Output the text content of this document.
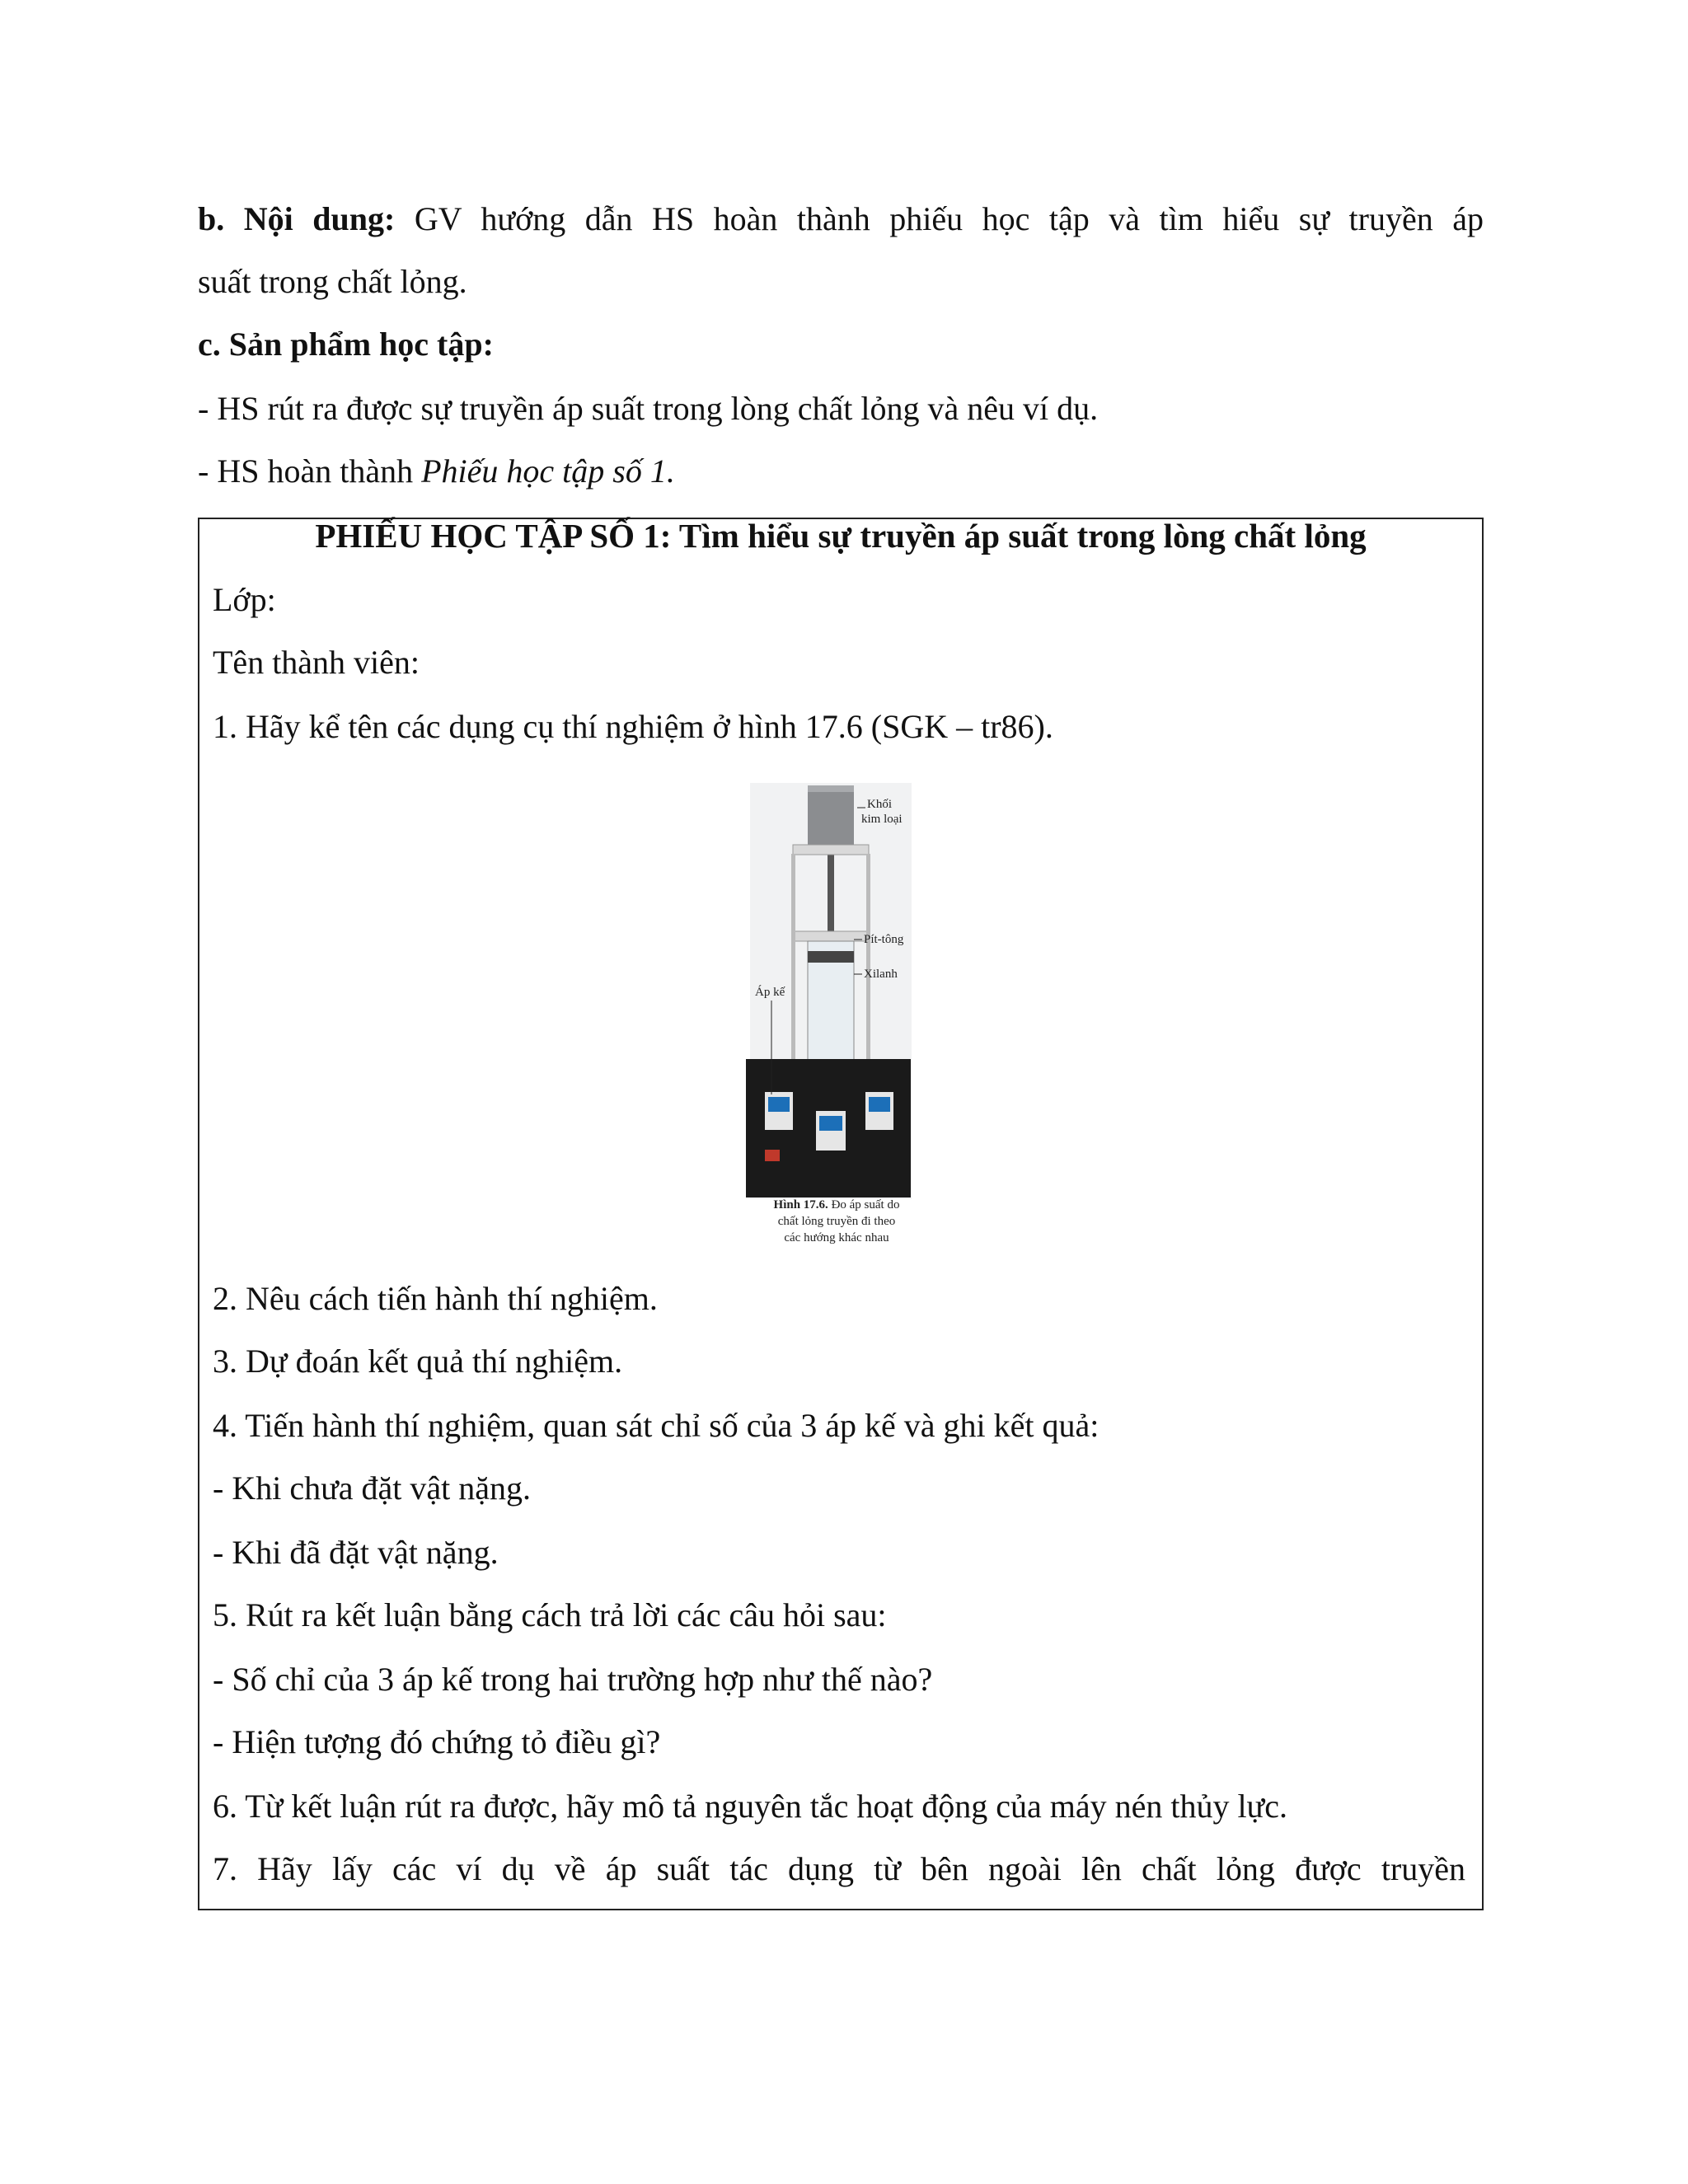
b. Nội dung: GV hướng dẫn HS hoàn thành phiếu học tập và tìm hiểu sự truyền áp
suất trong chất lỏng.
c. Sản phẩm học tập:
- HS rút ra được sự truyền áp suất trong lòng chất lỏng và nêu ví dụ.
- HS hoàn thành Phiếu học tập số 1.
PHIẾU HỌC TẬP SỐ 1: Tìm hiểu sự truyền áp suất trong lòng chất lỏng
Lớp:
Tên thành viên:
1. Hãy kể tên các dụng cụ thí nghiệm ở hình 17.6 (SGK – tr86).
Khối
kim loại
Pít-tông
Xilanh
Áp kế
Hình 17.6. Đo áp suất do
chất lỏng truyền đi theo
các hướng khác nhau
2. Nêu cách tiến hành thí nghiệm.
3. Dự đoán kết quả thí nghiệm.
4. Tiến hành thí nghiệm, quan sát chỉ số của 3 áp kế và ghi kết quả:
- Khi chưa đặt vật nặng.
- Khi đã đặt vật nặng.
5. Rút ra kết luận bằng cách trả lời các câu hỏi sau:
- Số chỉ của 3 áp kế trong hai trường hợp như thế nào?
- Hiện tượng đó chứng tỏ điều gì?
6. Từ kết luận rút ra được, hãy mô tả nguyên tắc hoạt động của máy nén thủy lực.
7. Hãy lấy các ví dụ về áp suất tác dụng từ bên ngoài lên chất lỏng được truyền
